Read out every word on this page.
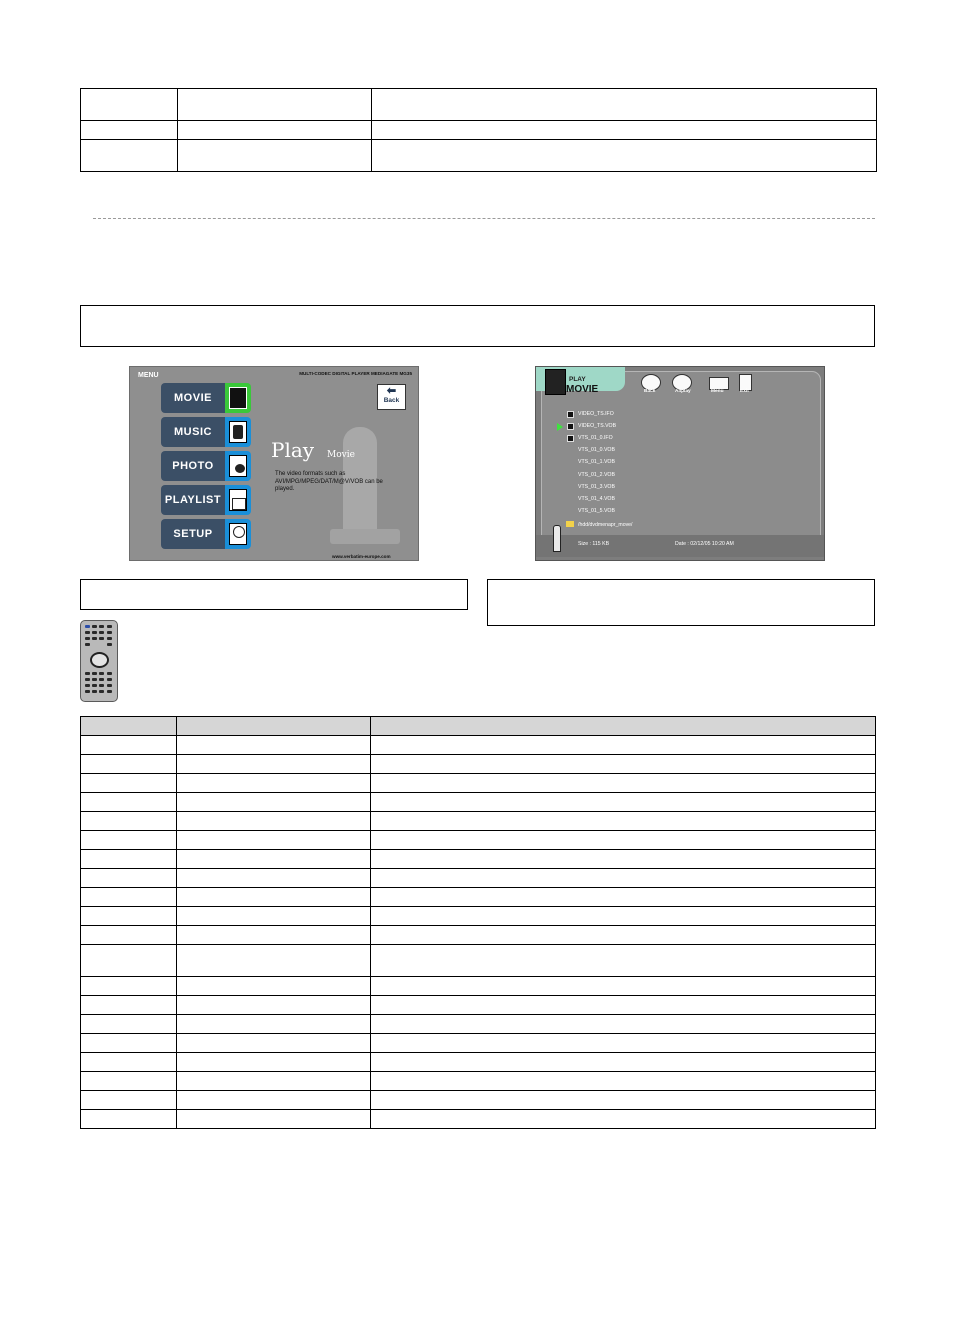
MENU	MULTI-CODEC DIGITAL PLAYER MEDIAGATE MG35
MOVIE
MUSIC
PHOTO
PLAYLIST
SETUP
⬅
Back
Play Movie
The video formats such as AVI/MPG/MPEG/DAT/M@V/VOB can be played.
www.verbatim-europe.com
PLAY
MOVIE	Back	Allplay	Menu	Exit
VIDEO_TS.IFO
VIDEO_TS.VOB
VTS_01_0.IFO
VTS_01_0.VOB
VTS_01_1.VOB
VTS_01_2.VOB
VTS_01_3.VOB
VTS_01_4.VOB
VTS_01_5.VOB
/hdd/dvdmenapr_move/
Size : 115 KB	Date : 02/12/05 10:20 AM
